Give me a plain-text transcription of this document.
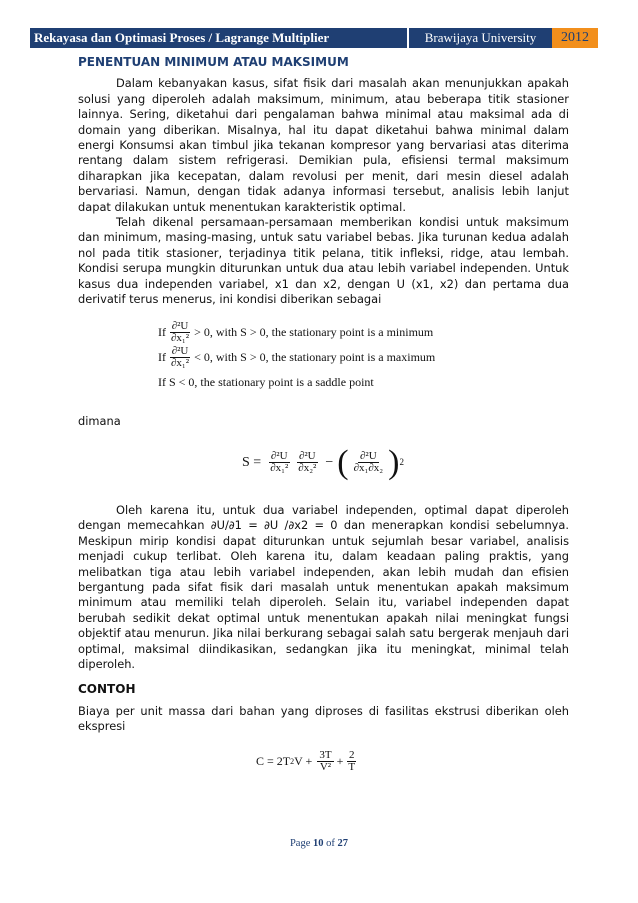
Rekayasa dan Optimasi Proses / Lagrange Multiplier	Brawijaya University	2012
PENENTUAN MINIMUM ATAU MAKSIMUM

Dalam kebanyakan kasus, sifat fisik dari masalah akan menunjukkan apakah solusi yang diperoleh adalah maksimum, minimum, atau beberapa titik stasioner lainnya. Sering, diketahui dari pengalaman bahwa minimal atau maksimal ada di domain yang diberikan. Misalnya, hal itu dapat diketahui bahwa minimal dalam energi Konsumsi akan timbul jika tekanan kompresor yang bervariasi atas diterima rentang dalam sistem refrigerasi. Demikian pula, efisiensi termal maksimum diharapkan jika kecepatan, dalam revolusi per menit, dari mesin diesel adalah bervariasi. Namun, dengan tidak adanya informasi tersebut, analisis lebih lanjut dapat dilakukan untuk menentukan karakteristik optimal.

Telah dikenal persamaan-persamaan memberikan kondisi untuk maksimum dan minimum, masing-masing, untuk satu variabel bebas. Jika turunan kedua adalah nol pada titik stasioner, terjadinya titik pelana, titik infleksi, ridge, atau lembah. Kondisi serupa mungkin diturunkan untuk dua atau lebih variabel independen. Untuk kasus dua independen variabel, x1 dan x2, dengan U (x1, x2) dan pertama dua derivatif terus menerus, ini kondisi diberikan sebagai

If $\frac{\text{∂²U}}{\text{∂x₁²}} > 0$, with S > 0, the stationary point is a minimum
If $\frac{\text{∂²U}}{\text{∂x₁²}} < 0$, with S > 0, the stationary point is a maximum
If S < 0, the stationary point is a saddle point

dimana

$S = \frac{\text{∂²U}}{\text{∂x₁²}} \frac{\text{∂²U}}{\text{∂x₂²}}$ − ( $\frac{\text{∂²U}}{\text{∂x₁∂x₂}}$ ) 2

Oleh karena itu, untuk dua variabel independen, optimal dapat diperoleh dengan memecahkan ∂U/∂1 = ∂U /∂x2 = 0 dan menerapkan kondisi sebelumnya. Meskipun mirip kondisi dapat diturunkan untuk sejumlah besar variabel, analisis menjadi cukup terlibat. Oleh karena itu, dalam keadaan paling praktis, yang melibatkan tiga atau lebih variabel independen, akan lebih mudah dan efisien bergantung pada sifat fisik dari masalah untuk menentukan apakah maksimum minimum atau memiliki telah diperoleh. Selain itu, variabel independen dapat berubah sedikit dekat optimal untuk menentukan apakah nilai meningkat fungsi objektif atau menurun. Jika nilai berkurang sebagai salah satu bergerak menjauh dari optimal, maksimal diindikasikan, sedangkan jika itu meningkat, minimal telah diperoleh.

CONTOH

Biaya per unit massa dari bahan yang diproses di fasilitas ekstrusi diberikan oleh ekspresi

C = 2T 2 $V + \frac{3T}{\text{V²}} + \frac{2}{T}$
Page 10 of 27
